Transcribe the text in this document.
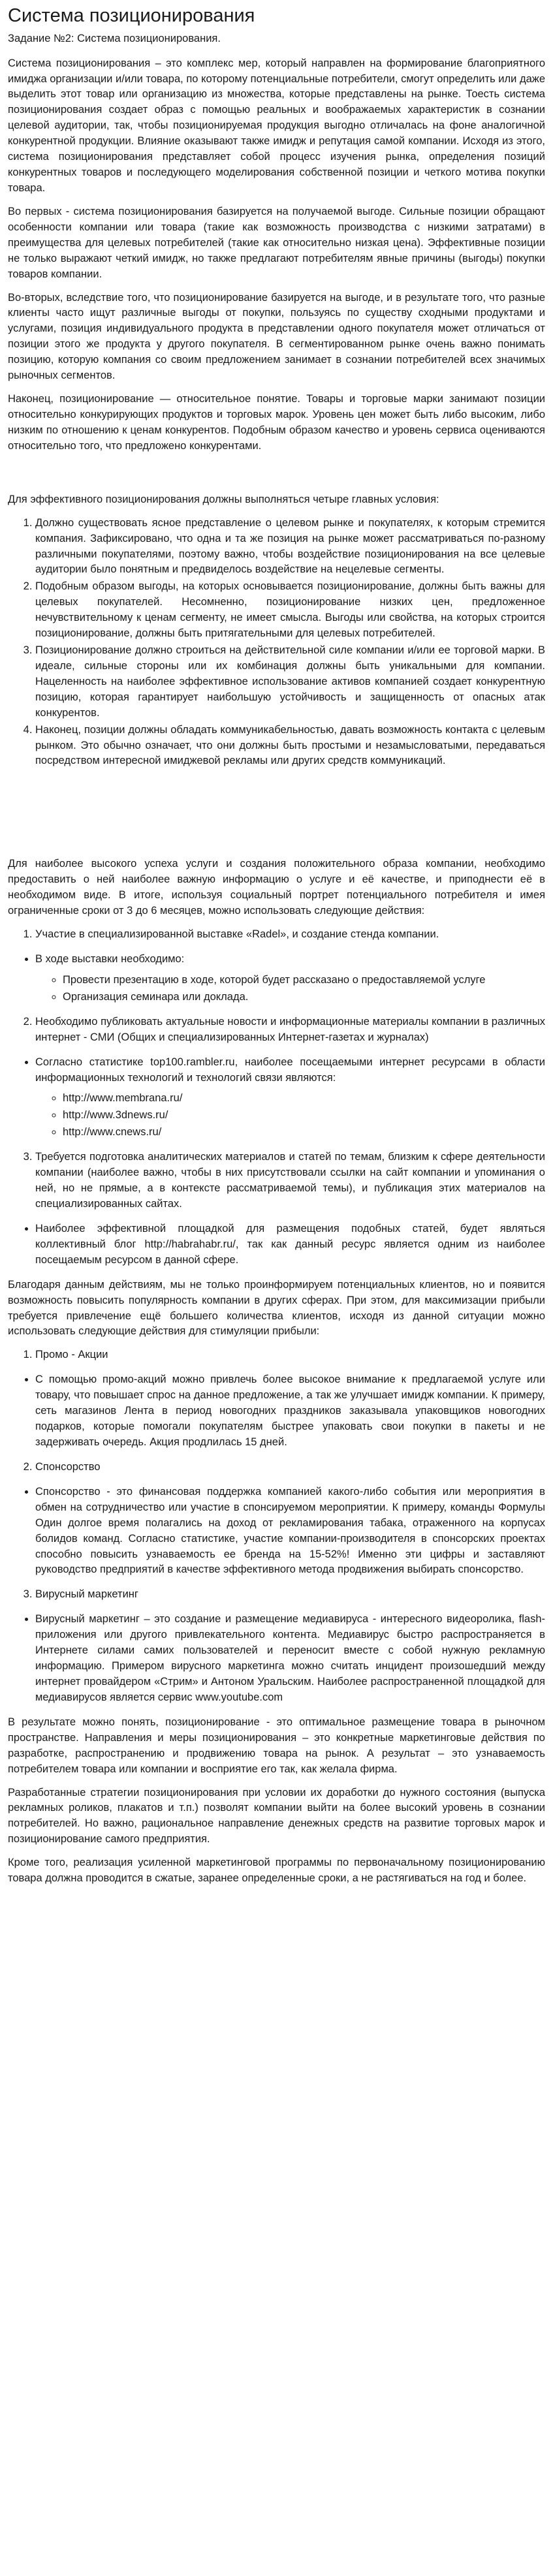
Система позиционирования

Задание №2: Система позиционирования.

Система позиционирования – это комплекс мер, который направлен на формирование благоприятного имиджа организации и/или товара, по которому потенциальные потребители, смогут определить или даже выделить этот товар или организацию из множества, которые представлены на рынке. Тоесть система позиционирования создает образ с помощью реальных и воображаемых характеристик в сознании целевой аудитории, так, чтобы позиционируемая продукция выгодно отличалась на фоне аналогичной конкурентной продукции. Влияние оказывают также имидж и репутация самой компании. Исходя из этого, система позиционирования представляет собой процесс изучения рынка, определения позиций конкурентных товаров и последующего моделирования собственной позиции и четкого мотива покупки товара.

Во первых - система позиционирования базируется на получаемой выгоде. Сильные позиции обращают особенности компании или товара (такие как возможность производства с низкими затратами) в преимущества для целевых потребителей (такие как относительно низкая цена). Эффективные позиции не только выражают четкий имидж, но также предлагают потребителям явные причины (выгоды) покупки товаров компании.

Во-вторых, вследствие того, что позиционирование базируется на выгоде, и в результате того, что разные клиенты часто ищут различные выгоды от покупки, пользуясь по существу сходными продуктами и услугами, позиция индивидуального продукта в представлении одного покупателя может отличаться от позиции этого же продукта у другого покупателя. В сегментированном рынке очень важно понимать позицию, которую компания со своим предложением занимает в сознании потребителей всех значимых рыночных сегментов.

Наконец, позиционирование — относительное понятие. Товары и торговые марки занимают позиции относительно конкурирующих продуктов и торговых марок. Уровень цен может быть либо высоким, либо низким по отношению к ценам конкурентов. Подобным образом качество и уровень сервиса оцениваются относительно того, что предложено конкурентами.

Для эффективного позиционирования должны выполняться четыре главных условия:

1. Должно существовать ясное представление о целевом рынке и покупателях, к которым стремится компания. Зафиксировано, что одна и та же позиция на рынке может рассматриваться по-разному различными покупателями, поэтому важно, чтобы воздействие позиционирования на все целевые аудитории было понятным и предвиделось воздействие на нецелевые сегменты.
2. Подобным образом выгоды, на которых основывается позиционирование, должны быть важны для целевых покупателей. Несомненно, позиционирование низких цен, предложенное нечувствительному к ценам сегменту, не имеет смысла. Выгоды или свойства, на которых строится позиционирование, должны быть притягательными для целевых потребителей.
3. Позиционирование должно строиться на действительной силе компании и/или ее торговой марки. В идеале, сильные стороны или их комбинация должны быть уникальными для компании. Нацеленность на наиболее эффективное использование активов компанией создает конкурентную позицию, которая гарантирует наибольшую устойчивость и защищенность от опасных атак конкурентов.
4. Наконец, позиции должны обладать коммуникабельностью, давать возможность контакта с целевым рынком. Это обычно означает, что они должны быть простыми и незамысловатыми, передаваться посредством интересной имиджевой рекламы или других средств коммуникаций.

Для наиболее высокого успеха услуги и создания положительного образа компании, необходимо предоставить о ней наиболее важную информацию о услуге и её качестве, и приподнести её в необходимом виде. В итоге, используя социальный портрет потенциального потребителя и имея ограниченные сроки от 3 до 6 месяцев, можно использовать следующие действия:

1. Участие в специализированной выставке «Radel», и создание стенда компании.
• В ходе выставки необходимо:
◦ Провести презентацию в ходе, которой будет рассказано о предоставляемой услуге
◦ Организация семинара или доклада.
2. Необходимо публиковать актуальные новости и информационные материалы компании в различных интернет - СМИ (Общих и специализированных Интернет-газетах и журналах)
• Согласно статистике top100.rambler.ru, наиболее посещаемыми интернет ресурсами в области информационных технологий и технологий связи являются:
◦ http://www.membrana.ru/
◦ http://www.3dnews.ru/
◦ http://www.cnews.ru/
3. Требуется подготовка аналитических материалов и статей по темам, близким к сфере деятельности компании (наиболее важно, чтобы в них присутствовали ссылки на сайт компании и упоминания о ней, но не прямые, а в контексте рассматриваемой темы), и публикация этих материалов на специализированных сайтах.
• Наиболее эффективной площадкой для размещения подобных статей, будет являться коллективный блог http://habrahabr.ru/, так как данный ресурс является одним из наиболее посещаемым ресурсом в данной сфере.

Благодаря данным действиям, мы не только проинформируем потенциальных клиентов, но и появится возможность повысить популярность компании в других сферах. При этом, для максимизации прибыли требуется привлечение ещё большего количества клиентов, исходя из данной ситуации можно использовать следующие действия для стимуляции прибыли:

1. Промо - Акции
• С помощью промо-акций можно привлечь более высокое внимание к предлагаемой услуге или товару, что повышает спрос на данное предложение, а так же улучшает имидж компании. К примеру, сеть магазинов Лента в период новогодних праздников заказывала упаковщиков новогодних подарков, которые помогали покупателям быстрее упаковать свои покупки в пакеты и не задерживать очередь. Акция продлилась 15 дней.
2. Спонсорство
• Спонсорство - это финансовая поддержка компанией какого-либо события или мероприятия в обмен на сотрудничество или участие в спонсируемом мероприятии. К примеру, команды Формулы Один долгое время полагались на доход от рекламирования табака, отраженного на корпусах болидов команд. Согласно статистике, участие компании-производителя в спонсорских проектах способно повысить узнаваемость ее бренда на 15-52%! Именно эти цифры и заставляют руководство предприятий в качестве эффективного метода продвижения выбирать спонсорство.
3. Вирусный маркетинг
• Вирусный маркетинг – это создание и размещение медиавируса - интересного видеоролика, flash-приложения или другого привлекательного контента. Медиавирус быстро распространяется в Интернете силами самих пользователей и переносит вместе с собой нужную рекламную информацию. Примером вирусного маркетинга можно считать инцидент произошедший между интернет провайдером «Стрим» и Антоном Уральским. Наиболее распространенной площадкой для медиавирусов является сервис www.youtube.com

В результате можно понять, позиционирование - это оптимальное размещение товара в рыночном пространстве. Направления и меры позиционирования – это конкретные маркетинговые действия по разработке, распространению и продвижению товара на рынок. А результат – это узнаваемость потребителем товара или компании и восприятие его так, как желала фирма.

Разработанные стратегии позиционирования при условии их доработки до нужного состояния (выпуска рекламных роликов, плакатов и т.п.) позволят компании выйти на более высокий уровень в сознании потребителей. Но важно, рациональное направление денежных средств на развитие торговых марок и позиционирование самого предприятия.

Кроме того, реализация усиленной маркетинговой программы по первоначальному позиционированию товара должна проводится в сжатые, заранее определенные сроки, а не растягиваться на год и более.
